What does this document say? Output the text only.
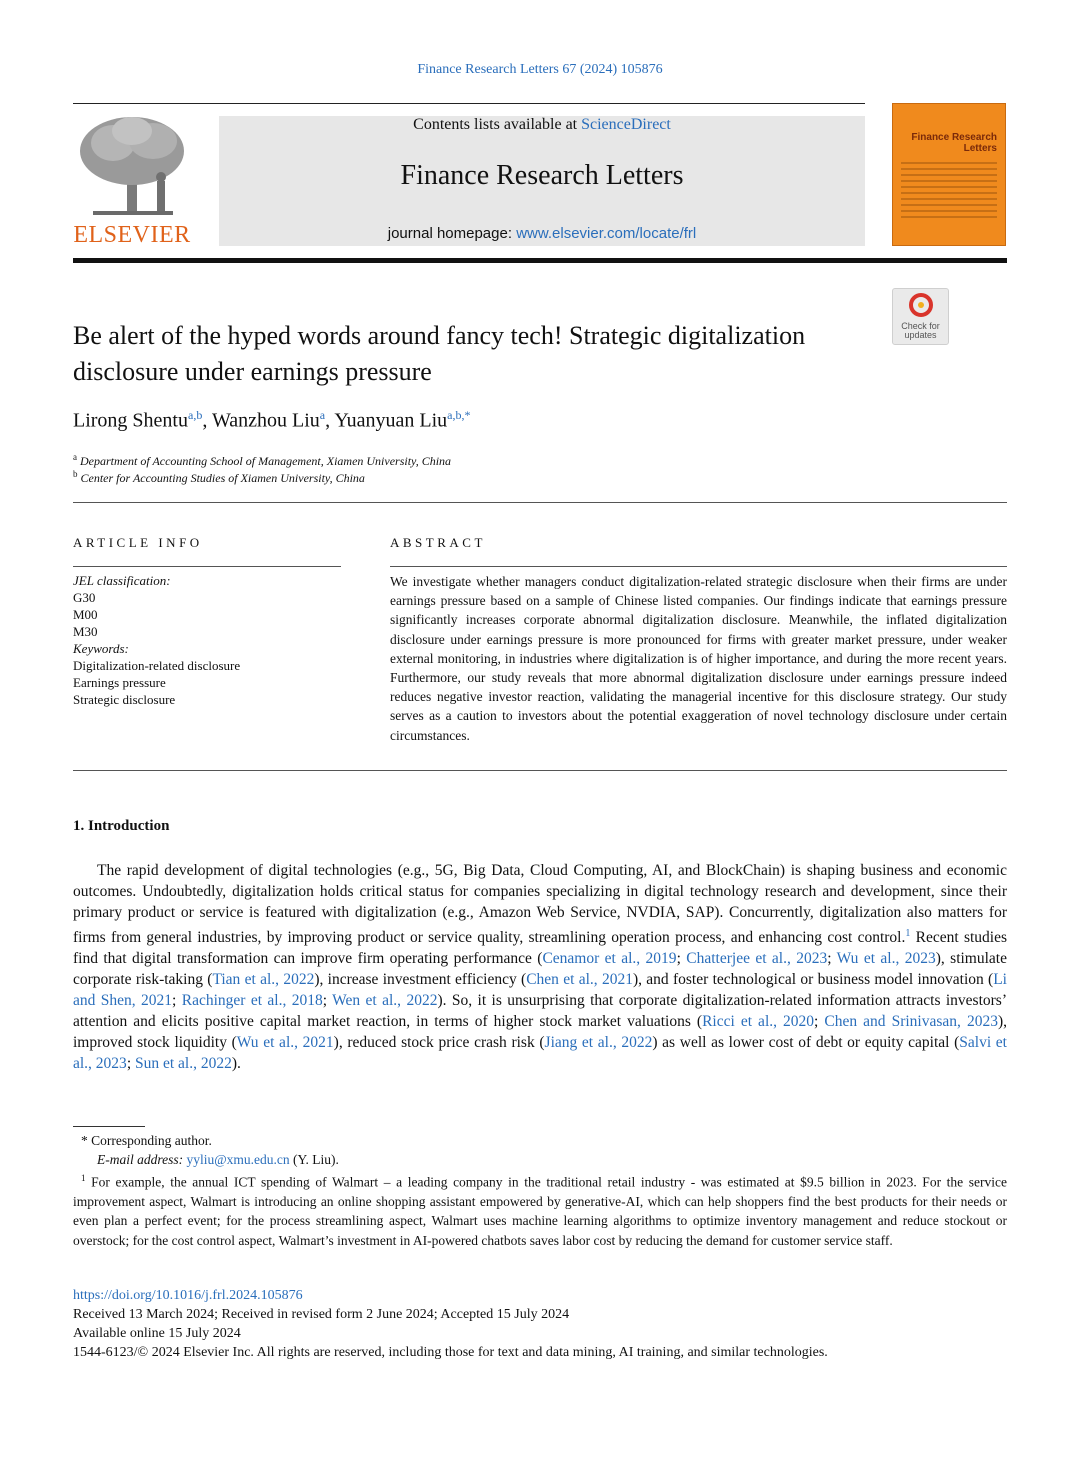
Finance Research Letters 67 (2024) 105876
ELSEVIER
Contents lists available at ScienceDirect
Finance Research Letters
journal homepage: www.elsevier.com/locate/frl
Finance Research Letters
Check for updates
Be alert of the hyped words around fancy tech! Strategic digitalization disclosure under earnings pressure
Lirong Shentu$^{a,b}$, Wanzhou Liu$^a$, Yuanyuan Liu$^{a,b,*}$
$^a$ Department of Accounting School of Management, Xiamen University, China
$^b$ Center for Accounting Studies of Xiamen University, China
ARTICLE INFO
JEL classification:
G30
M00
M30
Keywords:
Digitalization-related disclosure
Earnings pressure
Strategic disclosure
ABSTRACT
We investigate whether managers conduct digitalization-related strategic disclosure when their firms are under earnings pressure based on a sample of Chinese listed companies. Our findings indicate that earnings pressure significantly increases corporate abnormal digitalization disclosure. Meanwhile, the inflated digitalization disclosure under earnings pressure is more pronounced for firms with greater market pressure, under weaker external monitoring, in industries where digitalization is of higher importance, and during the more recent years. Furthermore, our study reveals that more abnormal digitalization disclosure under earnings pressure indeed reduces negative investor reaction, validating the managerial incentive for this disclosure strategy. Our study serves as a caution to investors about the potential exaggeration of novel technology disclosure under certain circumstances.
1. Introduction
The rapid development of digital technologies (e.g., 5G, Big Data, Cloud Computing, AI, and BlockChain) is shaping business and economic outcomes. Undoubtedly, digitalization holds critical status for companies specializing in digital technology research and development, since their primary product or service is featured with digitalization (e.g., Amazon Web Service, NVDIA, SAP). Concurrently, digitalization also matters for firms from general industries, by improving product or service quality, streamlining operation process, and enhancing cost control.$^1$ Recent studies find that digital transformation can improve firm operating performance (Cenamor et al., 2019; Chatterjee et al., 2023; Wu et al., 2023), stimulate corporate risk-taking (Tian et al., 2022), increase investment efficiency (Chen et al., 2021), and foster technological or business model innovation (Li and Shen, 2021; Rachinger et al., 2018; Wen et al., 2022). So, it is unsurprising that corporate digitalization-related information attracts investors’ attention and elicits positive capital market reaction, in terms of higher stock market valuations (Ricci et al., 2020; Chen and Srinivasan, 2023), improved stock liquidity (Wu et al., 2021), reduced stock price crash risk (Jiang et al., 2022) as well as lower cost of debt or equity capital (Salvi et al., 2023; Sun et al., 2022).
* Corresponding author.
E-mail address: yyliu@xmu.edu.cn (Y. Liu).
$^1$ For example, the annual ICT spending of Walmart – a leading company in the traditional retail industry - was estimated at $9.5 billion in 2023. For the service improvement aspect, Walmart is introducing an online shopping assistant empowered by generative-AI, which can help shoppers find the best products for their needs or even plan a perfect event; for the process streamlining aspect, Walmart uses machine learning algorithms to optimize inventory management and reduce stockout or overstock; for the cost control aspect, Walmart’s investment in AI-powered chatbots saves labor cost by reducing the demand for customer service staff.
https://doi.org/10.1016/j.frl.2024.105876
Received 13 March 2024; Received in revised form 2 June 2024; Accepted 15 July 2024
Available online 15 July 2024
1544-6123/© 2024 Elsevier Inc. All rights are reserved, including those for text and data mining, AI training, and similar technologies.
